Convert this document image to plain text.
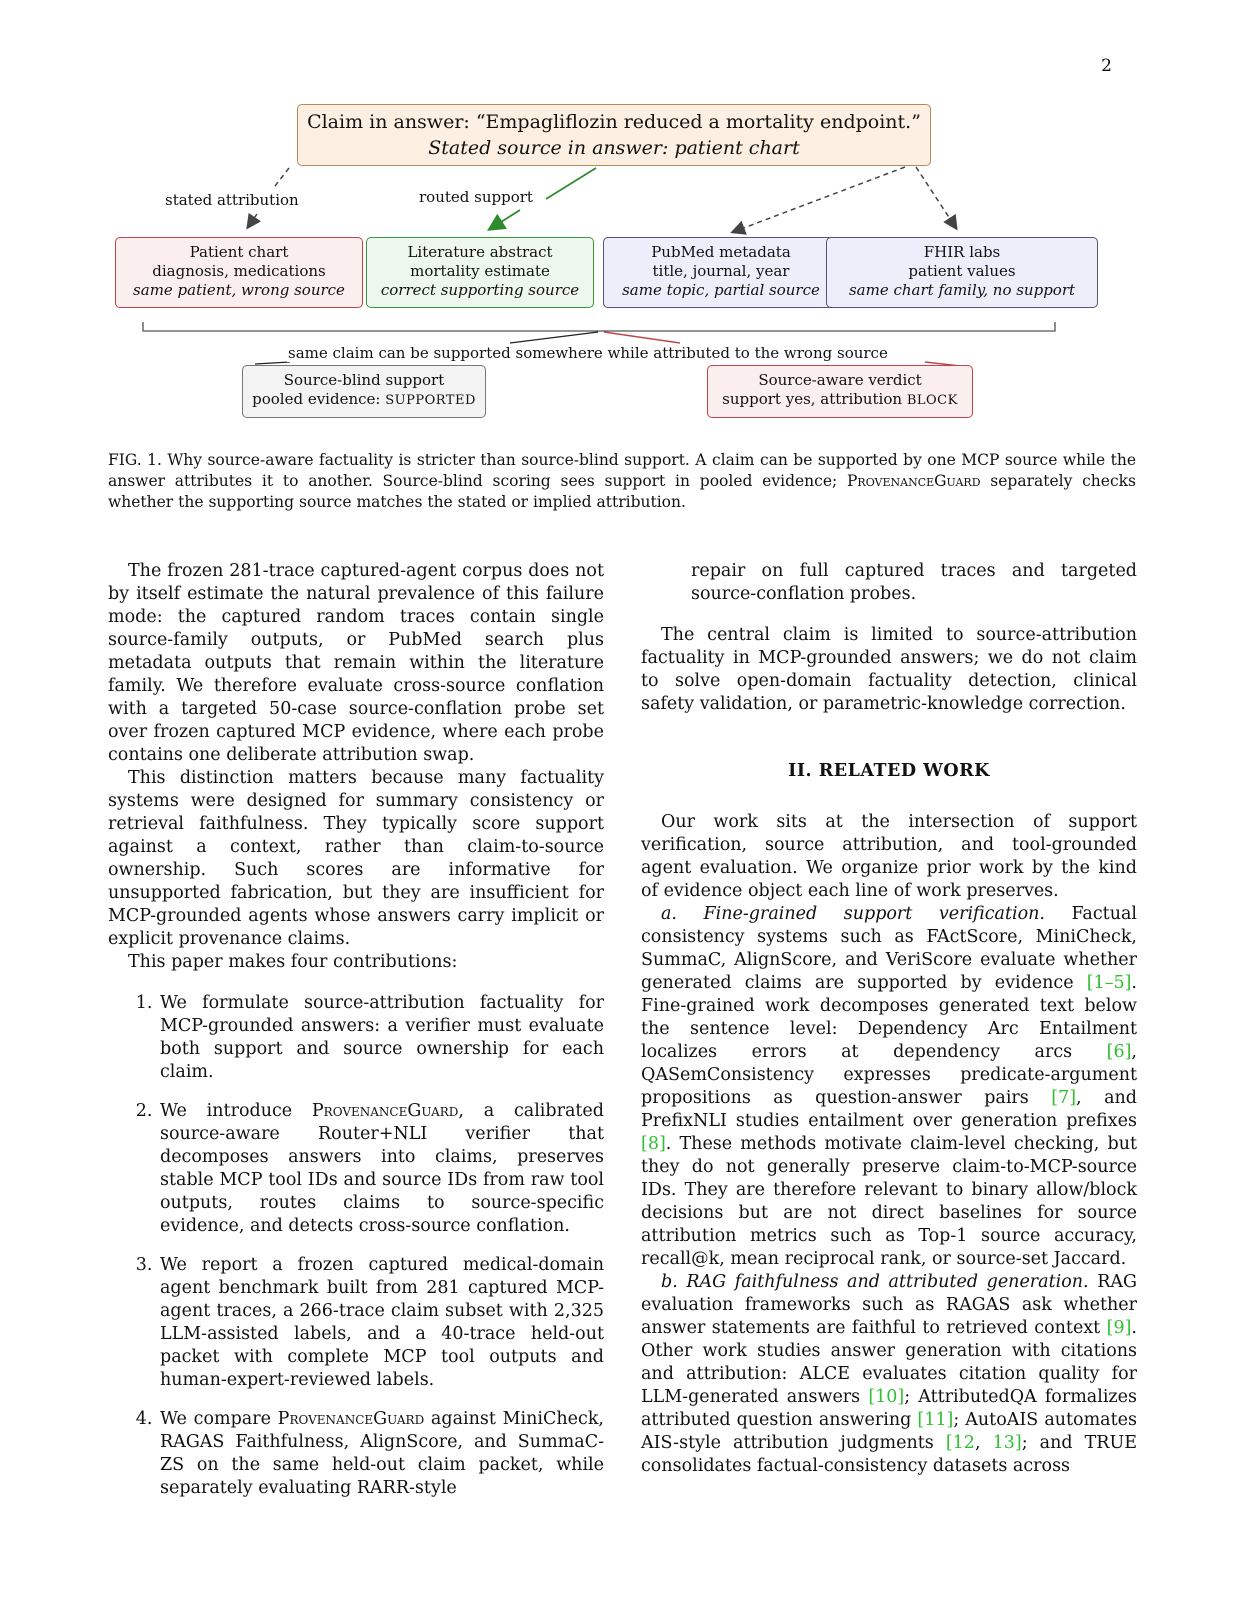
2
Claim in answer: “Empagliflozin reduced a mortality endpoint.”
Stated source in answer: patient chart
stated attribution	routed support
Patient chart
diagnosis, medications
same patient, wrong source
Literature abstract
mortality estimate
correct supporting source
PubMed metadata
title, journal, year
same topic, partial source
FHIR labs
patient values
same chart family, no support
same claim can be supported somewhere while attributed to the wrong source
Source-blind support
pooled evidence: SUPPORTED
Source-aware verdict
support yes, attribution BLOCK
FIG. 1. Why source-aware factuality is stricter than source-blind support. A claim can be supported by one MCP source while the answer attributes it to another. Source-blind scoring sees support in pooled evidence; ProvenanceGuard separately checks whether the supporting source matches the stated or implied attribution.

The frozen 281-trace captured-agent corpus does not by itself estimate the natural prevalence of this failure mode: the captured random traces contain single source-family outputs, or PubMed search plus metadata outputs that remain within the literature family. We therefore evaluate cross-source conflation with a targeted 50-case source-conflation probe set over frozen captured MCP evidence, where each probe contains one deliberate attribution swap.

This distinction matters because many factuality systems were designed for summary consistency or retrieval faithfulness. They typically score support against a context, rather than claim-to-source ownership. Such scores are informative for unsupported fabrication, but they are insufficient for MCP-grounded agents whose answers carry implicit or explicit provenance claims.

This paper makes four contributions:

1. We formulate source-attribution factuality for MCP-grounded answers: a verifier must evaluate both support and source ownership for each claim.
2. We introduce ProvenanceGuard, a calibrated source-aware Router+NLI verifier that decomposes answers into claims, preserves stable MCP tool IDs and source IDs from raw tool outputs, routes claims to source-specific evidence, and detects cross-source conflation.
3. We report a frozen captured medical-domain agent benchmark built from 281 captured MCP-agent traces, a 266-trace claim subset with 2,325 LLM-assisted labels, and a 40-trace held-out packet with complete MCP tool outputs and human-expert-reviewed labels.
4. We compare ProvenanceGuard against MiniCheck, RAGAS Faithfulness, AlignScore, and SummaC-ZS on the same held-out claim packet, while separately evaluating RARR-style

repair on full captured traces and targeted source-conflation probes.

The central claim is limited to source-attribution factuality in MCP-grounded answers; we do not claim to solve open-domain factuality detection, clinical safety validation, or parametric-knowledge correction.

II. RELATED WORK

Our work sits at the intersection of support verification, source attribution, and tool-grounded agent evaluation. We organize prior work by the kind of evidence object each line of work preserves.

a. Fine-grained support verification. Factual consistency systems such as FActScore, MiniCheck, SummaC, AlignScore, and VeriScore evaluate whether generated claims are supported by evidence [1–5]. Fine-grained work decomposes generated text below the sentence level: Dependency Arc Entailment localizes errors at dependency arcs [6], QASemConsistency expresses predicate-argument propositions as question-answer pairs [7], and PrefixNLI studies entailment over generation prefixes [8]. These methods motivate claim-level checking, but they do not generally preserve claim-to-MCP-source IDs. They are therefore relevant to binary allow/block decisions but are not direct baselines for source attribution metrics such as Top-1 source accuracy, recall@k, mean reciprocal rank, or source-set Jaccard.

b. RAG faithfulness and attributed generation. RAG evaluation frameworks such as RAGAS ask whether answer statements are faithful to retrieved context [9]. Other work studies answer generation with citations and attribution: ALCE evaluates citation quality for LLM-generated answers [10]; AttributedQA formalizes attributed question answering [11]; AutoAIS automates AIS-style attribution judgments [12, 13]; and TRUE consolidates factual-consistency datasets across
